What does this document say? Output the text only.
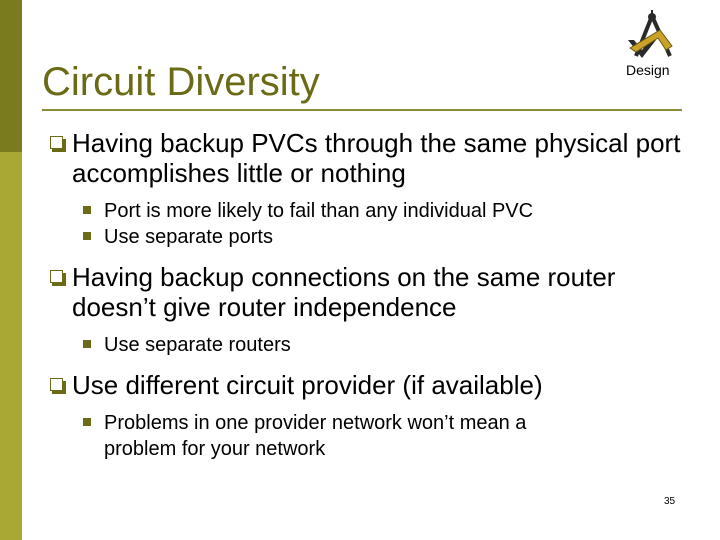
Circuit Diversity	Design
Having backup PVCs through the same physical port accomplishes little or nothing
Port is more likely to fail than any individual PVC
Use separate ports
Having backup connections on the same router doesn’t give router independence
Use separate routers
Use different circuit provider (if available)
Problems in one provider network won’t mean a problem for your network
35
